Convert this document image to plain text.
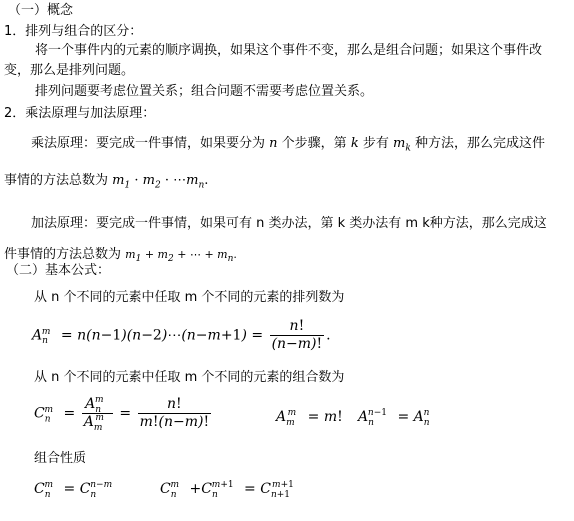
（一）概念
1．排列与组合的区分：
将一个事件内的元素的顺序调换，如果这个事件不变，那么是组合问题；如果这个事件改
变，那么是排列问题。
排列问题要考虑位置关系；组合问题不需要考虑位置关系。
2．乘法原理与加法原理：
乘法原理：要完成一件事情，如果要分为 n 个步骤，第 k 步有 $m_k$ 种方法，那么完成这件
事情的方法总数为 $m_1 \cdot m_2$ · $\cdots m_n$.
加法原理：要完成一件事情，如果可有 n 类办法，第 k 类办法有 m k种方法，那么完成这
件事情的方法总数为 $m_1 + m_2$ + ⋯ + $m_n$.
（二）基本公式：
从 n 个不同的元素中任取 m 个不同的元素的排列数为
$A_n^m$ = n(n−1)(n−2)⋯(n−m+1) = $\frac{n!}{(n-m)!}$ .
从 n 个不同的元素中任取 m 个不同的元素的组合数为
$C_n^m = \frac{A_n^m}{A_m^m} = \frac{n!}{m!(n-m)!}$	$A_m^m = m$! $A_n^{n-1} = A_n^n$
组合性质
$C_n^m = C_n^{n-m}$	$C_n^m +C_n^{m+1} = C_{n+1}^{m+1}$
